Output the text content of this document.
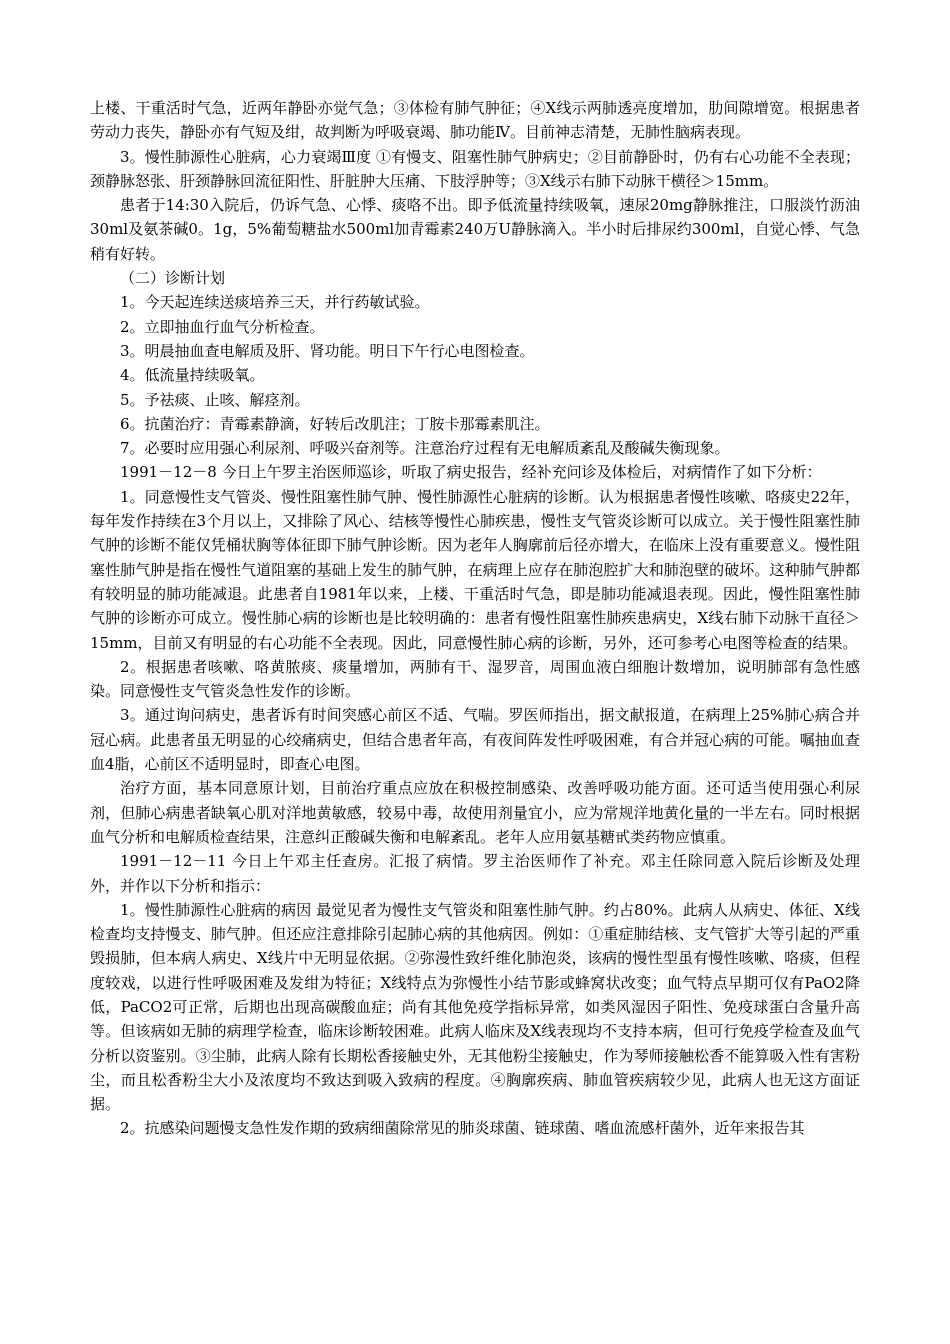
上楼、干重活时气急，近两年静卧亦觉气急；③体检有肺气肿征；④X线示两肺透亮度增加，肋间隙增宽。根据患者劳动力丧失，静卧亦有气短及绀，故判断为呼吸衰竭、肺功能Ⅳ。目前神志清楚，无肺性脑病表现。

3。慢性肺源性心脏病，心力衰竭Ⅲ度 ①有慢支、阻塞性肺气肿病史；②目前静卧时，仍有右心功能不全表现；颈静脉怒张、肝颈静脉回流征阳性、肝脏肿大压痛、下肢浮肿等；③X线示右肺下动脉干横径＞15mm。

患者于14:30入院后，仍诉气急、心悸、痰咯不出。即予低流量持续吸氧，速尿20mg静脉推注，口服淡竹沥油30ml及氨茶碱0。1g，5%葡萄糖盐水500ml加青霉素240万U静脉滴入。半小时后排尿约300ml，自觉心悸、气急稍有好转。

（二）诊断计划

1。今天起连续送痰培养三天，并行药敏试验。

2。立即抽血行血气分析检查。

3。明晨抽血查电解质及肝、肾功能。明日下午行心电图检查。

4。低流量持续吸氧。

5。予祛痰、止咳、解痉剂。

6。抗菌治疗：青霉素静滴，好转后改肌注；丁胺卡那霉素肌注。

7。必要时应用强心利尿剂、呼吸兴奋剂等。注意治疗过程有无电解质紊乱及酸碱失衡现象。

1991－12－8 今日上午罗主治医师巡诊，听取了病史报告，经补充问诊及体检后，对病情作了如下分析：

1。同意慢性支气管炎、慢性阻塞性肺气肿、慢性肺源性心脏病的诊断。认为根据患者慢性咳嗽、咯痰史22年，每年发作持续在3个月以上，又排除了风心、结核等慢性心肺疾患，慢性支气管炎诊断可以成立。关于慢性阻塞性肺气肿的诊断不能仅凭桶状胸等体征即下肺气肿诊断。因为老年人胸廓前后径亦增大，在临床上没有重要意义。慢性阻塞性肺气肿是指在慢性气道阻塞的基础上发生的肺气肿，在病理上应存在肺泡腔扩大和肺泡壁的破坏。这种肺气肿都有较明显的肺功能减退。此患者自1981年以来，上楼、干重活时气急，即是肺功能减退表现。因此，慢性阻塞性肺气肿的诊断亦可成立。慢性肺心病的诊断也是比较明确的：患者有慢性阻塞性肺疾患病史，X线右肺下动脉干直径＞15mm，目前又有明显的右心功能不全表现。因此，同意慢性肺心病的诊断，另外，还可参考心电图等检查的结果。

2。根据患者咳嗽、咯黄脓痰、痰量增加，两肺有干、湿罗音，周围血液白细胞计数增加，说明肺部有急性感染。同意慢性支气管炎急性发作的诊断。

3。通过询问病史，患者诉有时间突感心前区不适、气喘。罗医师指出，据文献报道，在病理上25%肺心病合并冠心病。此患者虽无明显的心绞痛病史，但结合患者年高，有夜间阵发性呼吸困难，有合并冠心病的可能。嘱抽血查血4脂，心前区不适明显时，即查心电图。

治疗方面，基本同意原计划，目前治疗重点应放在积极控制感染、改善呼吸功能方面。还可适当使用强心利尿剂，但肺心病患者缺氧心肌对洋地黄敏感，较易中毒，故使用剂量宜小，应为常规洋地黄化量的一半左右。同时根据血气分析和电解质检查结果，注意纠正酸碱失衡和电解紊乱。老年人应用氨基糖甙类药物应慎重。

1991－12－11 今日上午邓主任查房。汇报了病情。罗主治医师作了补充。邓主任除同意入院后诊断及处理外，并作以下分析和指示：

1。慢性肺源性心脏病的病因 最觉见者为慢性支气管炎和阻塞性肺气肿。约占80%。此病人从病史、体征、X线检查均支持慢支、肺气肿。但还应注意排除引起肺心病的其他病因。例如：①重症肺结核、支气管扩大等引起的严重毁损肺，但本病人病史、X线片中无明显依据。②弥漫性致纤维化肺泡炎，该病的慢性型虽有慢性咳嗽、咯痰，但程度较戏，以进行性呼吸困难及发绀为特征；X线特点为弥慢性小结节影或蜂窝状改变；血气特点早期可仅有PaO2降低，PaCO2可正常，后期也出现高碳酸血症；尚有其他免疫学指标异常，如类风湿因子阳性、免疫球蛋白含量升高等。但该病如无肺的病理学检查，临床诊断较困难。此病人临床及X线表现均不支持本病，但可行免疫学检查及血气分析以资鉴别。③尘肺，此病人除有长期松香接触史外，无其他粉尘接触史，作为琴师接触松香不能算吸入性有害粉尘，而且松香粉尘大小及浓度均不致达到吸入致病的程度。④胸廓疾病、肺血管疾病较少见，此病人也无这方面证据。

2。抗感染问题慢支急性发作期的致病细菌除常见的肺炎球菌、链球菌、嗜血流感杆菌外，近年来报告其
